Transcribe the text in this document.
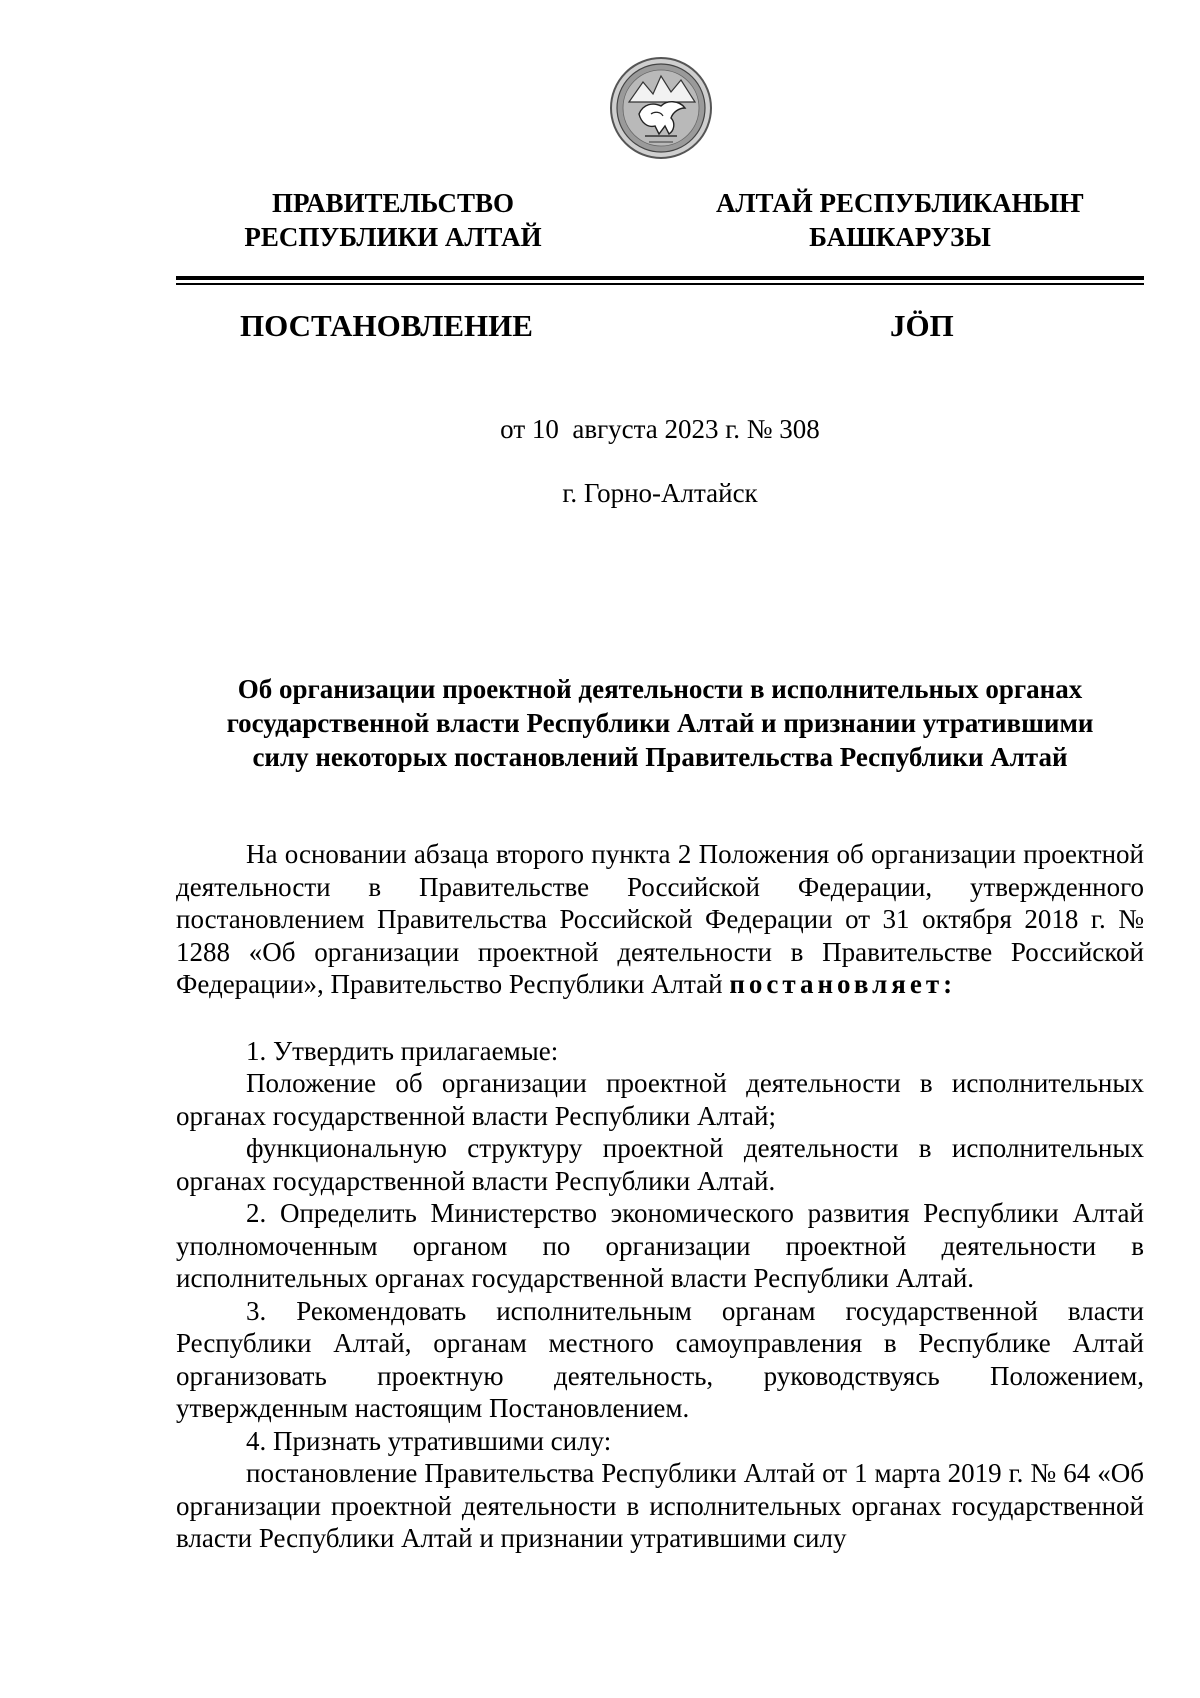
ПРАВИТЕЛЬСТВО
РЕСПУБЛИКИ АЛТАЙ
АЛТАЙ РЕСПУБЛИКАНЫҤ
БАШКАРУЗЫ
ПОСТАНОВЛЕНИЕ	JÖП
от 10  августа 2023 г. № 308
г. Горно-Алтайск
Об организации проектной деятельности в исполнительных органах
государственной власти Республики Алтай и признании утратившими
силу некоторых постановлений Правительства Республики Алтай

На основании абзаца второго пункта 2 Положения об организации проектной деятельности в Правительстве Российской Федерации, утвержденного постановлением Правительства Российской Федерации от 31 октября 2018 г. № 1288 «Об организации проектной деятельности в Правительстве Российской Федерации», Правительство Республики Алтай постановляет:

1. Утвердить прилагаемые:

Положение об организации проектной деятельности в исполнительных органах государственной власти Республики Алтай;

функциональную структуру проектной деятельности в исполнительных органах государственной власти Республики Алтай.

2. Определить Министерство экономического развития Республики Алтай уполномоченным органом по организации проектной деятельности в исполнительных органах государственной власти Республики Алтай.

3. Рекомендовать исполнительным органам государственной власти Республики Алтай, органам местного самоуправления в Республике Алтай организовать проектную деятельность, руководствуясь Положением, утвержденным настоящим Постановлением.

4. Признать утратившими силу:

постановление Правительства Республики Алтай от 1 марта 2019 г. № 64 «Об организации проектной деятельности в исполнительных органах государственной власти Республики Алтай и признании утратившими силу
